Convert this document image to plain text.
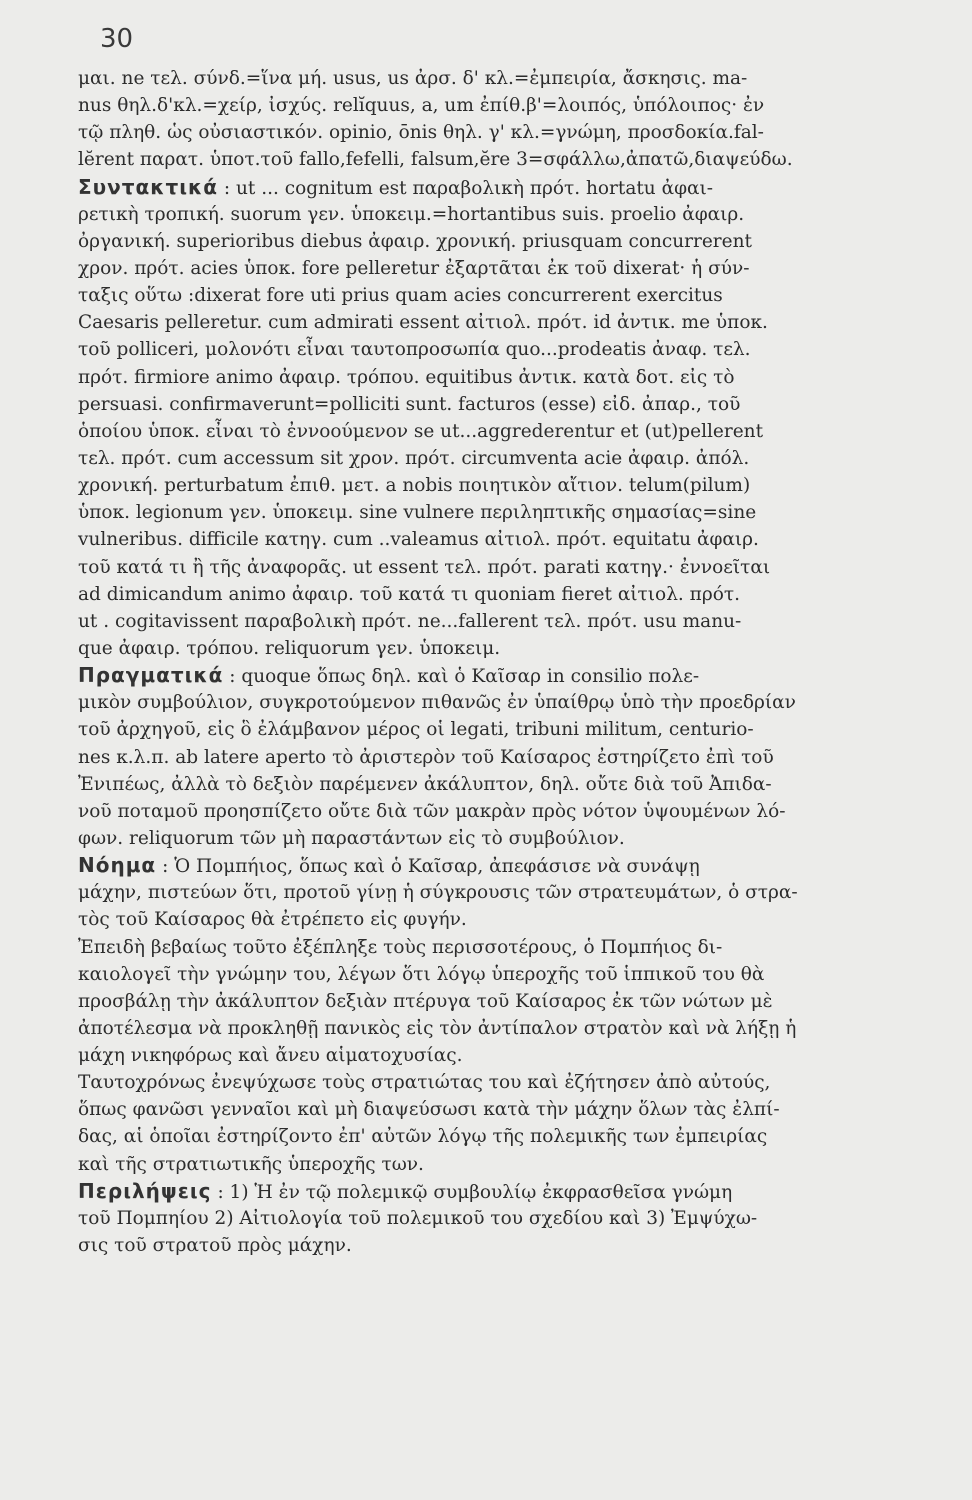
30

μαι. ne τελ. σύνδ.=ἵνα μή. usus, us ἀρσ. δ' κλ.=ἐμπειρία, ἄσκησις. ma-
nus θηλ.δ'κλ.=χείρ, ἰσχύς. relĭquus, a, um ἐπίθ.β'=λοιπός, ὑπόλοιπος· ἐν
τῷ πληθ. ὡς οὐσιαστικόν. opinio, ōnis θηλ. γ' κλ.=γνώμη, προσδοκία.fal-
lĕrent παρατ. ὑποτ.τοῦ fallo,fefelli, falsum,ĕre 3=σφάλλω,ἀπατῶ,διαψεύδω.

Συντακτικά : ut ... cognitum est παραβολικὴ πρότ. hortatu ἀφαι-
ρετικὴ τροπική. suorum γεν. ὑποκειμ.=hortantibus suis. proelio ἀφαιρ.
ὀργανική. superioribus diebus ἀφαιρ. χρονική. priusquam concurrerent
χρον. πρότ. acies ὑποκ. fore pelleretur ἐξαρτᾶται ἐκ τοῦ dixerat· ἡ σύν-
ταξις οὕτω :dixerat fore uti prius quam acies concurrerent exercitus
Caesaris pelleretur. cum admirati essent αἰτιολ. πρότ. id ἀντικ. me ὑποκ.
τοῦ polliceri, μολονότι εἶναι ταυτοπροσωπία quo...prodeatis ἀναφ. τελ.
πρότ. firmiore animo ἀφαιρ. τρόπου. equitibus ἀντικ. κατὰ δοτ. εἰς τὸ
persuasi. confirmaverunt=polliciti sunt. facturos (esse) εἰδ. ἀπαρ., τοῦ
ὁποίου ὑποκ. εἶναι τὸ ἐννοούμενον se ut...aggrederentur et (ut)pellerent
τελ. πρότ. cum accessum sit χρον. πρότ. circumventa acie ἀφαιρ. ἀπόλ.
χρονική. perturbatum ἐπιθ. μετ. a nobis ποιητικὸν αἴτιον. telum(pilum)
ὑποκ. legionum γεν. ὑποκειμ. sine vulnere περιληπτικῆς σημασίας=sine
vulneribus. difficile κατηγ. cum ..valeamus αἰτιολ. πρότ. equitatu ἀφαιρ.
τοῦ κατά τι ἢ τῆς ἀναφορᾶς. ut essent τελ. πρότ. parati κατηγ.· ἐννοεῖται
ad dimicandum animo ἀφαιρ. τοῦ κατά τι quoniam fieret αἰτιολ. πρότ.
ut . cogitavissent παραβολικὴ πρότ. ne...fallerent τελ. πρότ. usu manu-
que ἀφαιρ. τρόπου. reliquorum γεν. ὑποκειμ.

Πραγματικά : quoque ὅπως δηλ. καὶ ὁ Καῖσαρ in consilio πολε-
μικὸν συμβούλιον, συγκροτούμενον πιθανῶς ἐν ὑπαίθρῳ ὑπὸ τὴν προεδρίαν
τοῦ ἀρχηγοῦ, εἰς ὃ ἐλάμβανον μέρος οἱ legati, tribuni militum, centurio-
nes κ.λ.π. ab latere aperto τὸ ἀριστερὸν τοῦ Καίσαρος ἐστηρίζετο ἐπὶ τοῦ
Ἐνιπέως, ἀλλὰ τὸ δεξιὸν παρέμενεν ἀκάλυπτον, δηλ. οὔτε διὰ τοῦ Ἀπιδα-
νοῦ ποταμοῦ προησπίζετο οὔτε διὰ τῶν μακρὰν πρὸς νότον ὑψουμένων λό-
φων. reliquorum τῶν μὴ παραστάντων εἰς τὸ συμβούλιον.

Νόημα : Ὁ Πομπήιος, ὅπως καὶ ὁ Καῖσαρ, ἀπεφάσισε νὰ συνάψῃ
μάχην, πιστεύων ὅτι, προτοῦ γίνῃ ἡ σύγκρουσις τῶν στρατευμάτων, ὁ στρα-
τὸς τοῦ Καίσαρος θὰ ἐτρέπετο εἰς φυγήν.
Ἐπειδὴ βεβαίως τοῦτο ἐξέπληξε τοὺς περισσοτέρους, ὁ Πομπήιος δι-
καιολογεῖ τὴν γνώμην του, λέγων ὅτι λόγῳ ὑπεροχῆς τοῦ ἱππικοῦ του θὰ
προσβάλῃ τὴν ἀκάλυπτον δεξιὰν πτέρυγα τοῦ Καίσαρος ἐκ τῶν νώτων μὲ
ἀποτέλεσμα νὰ προκληθῇ πανικὸς εἰς τὸν ἀντίπαλον στρατὸν καὶ νὰ λήξῃ ἡ
μάχη νικηφόρως καὶ ἄνευ αἱματοχυσίας.
Ταυτοχρόνως ἐνεψύχωσε τοὺς στρατιώτας του καὶ ἐζήτησεν ἀπὸ αὐτούς,
ὅπως φανῶσι γενναῖοι καὶ μὴ διαψεύσωσι κατὰ τὴν μάχην ὅλων τὰς ἐλπί-
δας, αἱ ὁποῖαι ἐστηρίζοντο ἐπ' αὐτῶν λόγῳ τῆς πολεμικῆς των ἐμπειρίας
καὶ τῆς στρατιωτικῆς ὑπεροχῆς των.

Περιλήψεις : 1) Ἡ ἐν τῷ πολεμικῷ συμβουλίῳ ἐκφρασθεῖσα γνώμη
τοῦ Πομπηίου 2) Αἰτιολογία τοῦ πολεμικοῦ του σχεδίου καὶ 3) Ἐμψύχω-
σις τοῦ στρατοῦ πρὸς μάχην.
